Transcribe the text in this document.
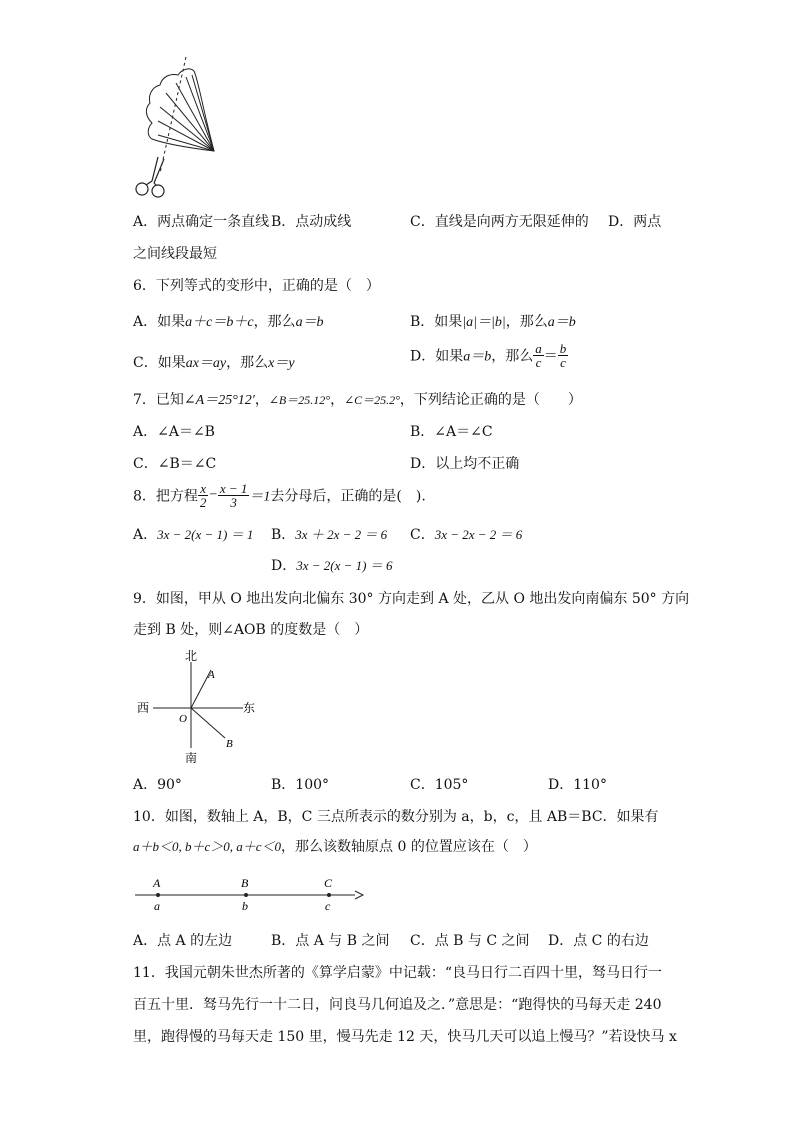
A．两点确定一条直线 B．点动成线	C．直线是向两方无限延伸的 D．两点
之间线段最短
6．下列等式的变形中，正确的是（　）
A．如果a＋c＝b＋c，那么a＝b	B．如果|a|＝|b|，那么a＝b
C．如果ax＝ay，那么x＝y	D．如果a＝b，那么 $\frac{a}{c} = \frac{b}{c}$
7．已知∠A＝25°12′，∠B＝25.12°，∠C＝25.2°，下列结论正确的是（　　）
A．∠A＝∠B	B．∠A＝∠C
C．∠B＝∠C	D．以上均不正确
8．把方程 $\frac{x}{2} - \frac{x - 1}{3} =1$去分母后，正确的是(　).
A．3x − 2(x − 1) ＝ 1 B．3x ＋ 2x − 2 ＝ 6 C．3x − 2x − 2 ＝ 6
D．3x − 2(x − 1) ＝ 6
9．如图，甲从 O 地出发向北偏东 30° 方向走到 A 处，乙从 O 地出发向南偏东 50° 方向
走到 B 处，则∠AOB 的度数是（　）
北
南
西	东
A
B
O
A．90°	B．100°	C．105°	D．110°
10．如图，数轴上 A，B，C 三点所表示的数分别为 a，b，c，且 AB＝BC．如果有
a＋b＜0, b＋c＞0, a＋c＜0，那么该数轴原点 0 的位置应该在（　）
A	B	C
a	b	c
A．点 A 的左边	B．点 A 与 B 之间 C．点 B 与 C 之间 D．点 C 的右边
11．我国元朝朱世杰所著的《算学启蒙》中记载：“良马日行二百四十里，驽马日行一
百五十里．驽马先行一十二日，问良马几何追及之．”意思是：“跑得快的马每天走 240
里，跑得慢的马每天走 150 里，慢马先走 12 天，快马几天可以追上慢马？”若设快马 x
